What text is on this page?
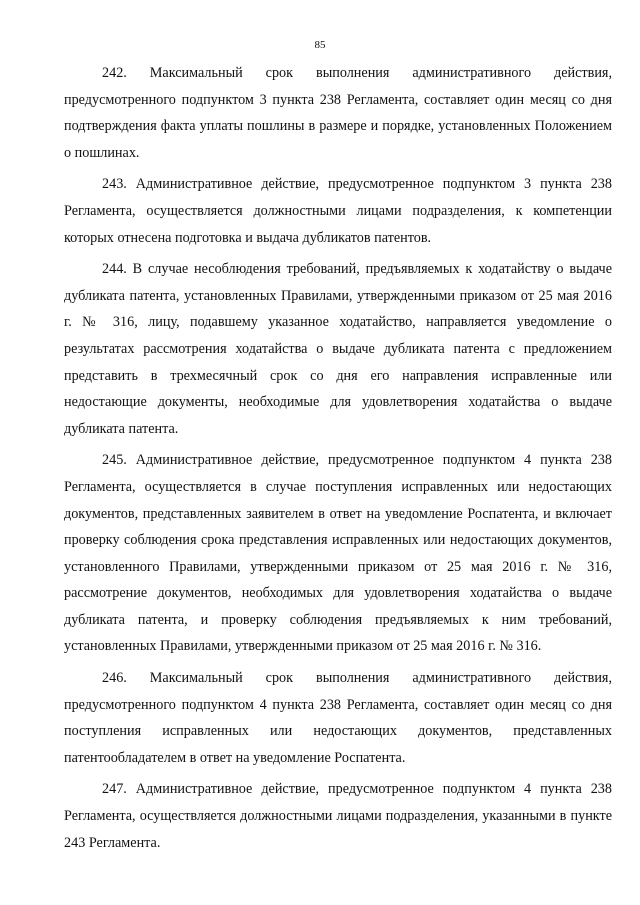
85

242. Максимальный срок выполнения административного действия, предусмотренного подпунктом 3 пункта 238 Регламента, составляет один месяц со дня подтверждения факта уплаты пошлины в размере и порядке, установленных Положением о пошлинах.

243. Административное действие, предусмотренное подпунктом 3 пункта 238 Регламента, осуществляется должностными лицами подразделения, к компетенции которых отнесена подготовка и выдача дубликатов патентов.

244. В случае несоблюдения требований, предъявляемых к ходатайству о выдаче дубликата патента, установленных Правилами, утвержденными приказом от 25 мая 2016 г. № 316, лицу, подавшему указанное ходатайство, направляется уведомление о результатах рассмотрения ходатайства о выдаче дубликата патента с предложением представить в трехмесячный срок со дня его направления исправленные или недостающие документы, необходимые для удовлетворения ходатайства о выдаче дубликата патента.

245. Административное действие, предусмотренное подпунктом 4 пункта 238 Регламента, осуществляется в случае поступления исправленных или недостающих документов, представленных заявителем в ответ на уведомление Роспатента, и включает проверку соблюдения срока представления исправленных или недостающих документов, установленного Правилами, утвержденными приказом от 25 мая 2016 г. № 316, рассмотрение документов, необходимых для удовлетворения ходатайства о выдаче дубликата патента, и проверку соблюдения предъявляемых к ним требований, установленных Правилами, утвержденными приказом от 25 мая 2016 г. № 316.

246. Максимальный срок выполнения административного действия, предусмотренного подпунктом 4 пункта 238 Регламента, составляет один месяц со дня поступления исправленных или недостающих документов, представленных патентообладателем в ответ на уведомление Роспатента.

247. Административное действие, предусмотренное подпунктом 4 пункта 238 Регламента, осуществляется должностными лицами подразделения, указанными в пункте 243 Регламента.
